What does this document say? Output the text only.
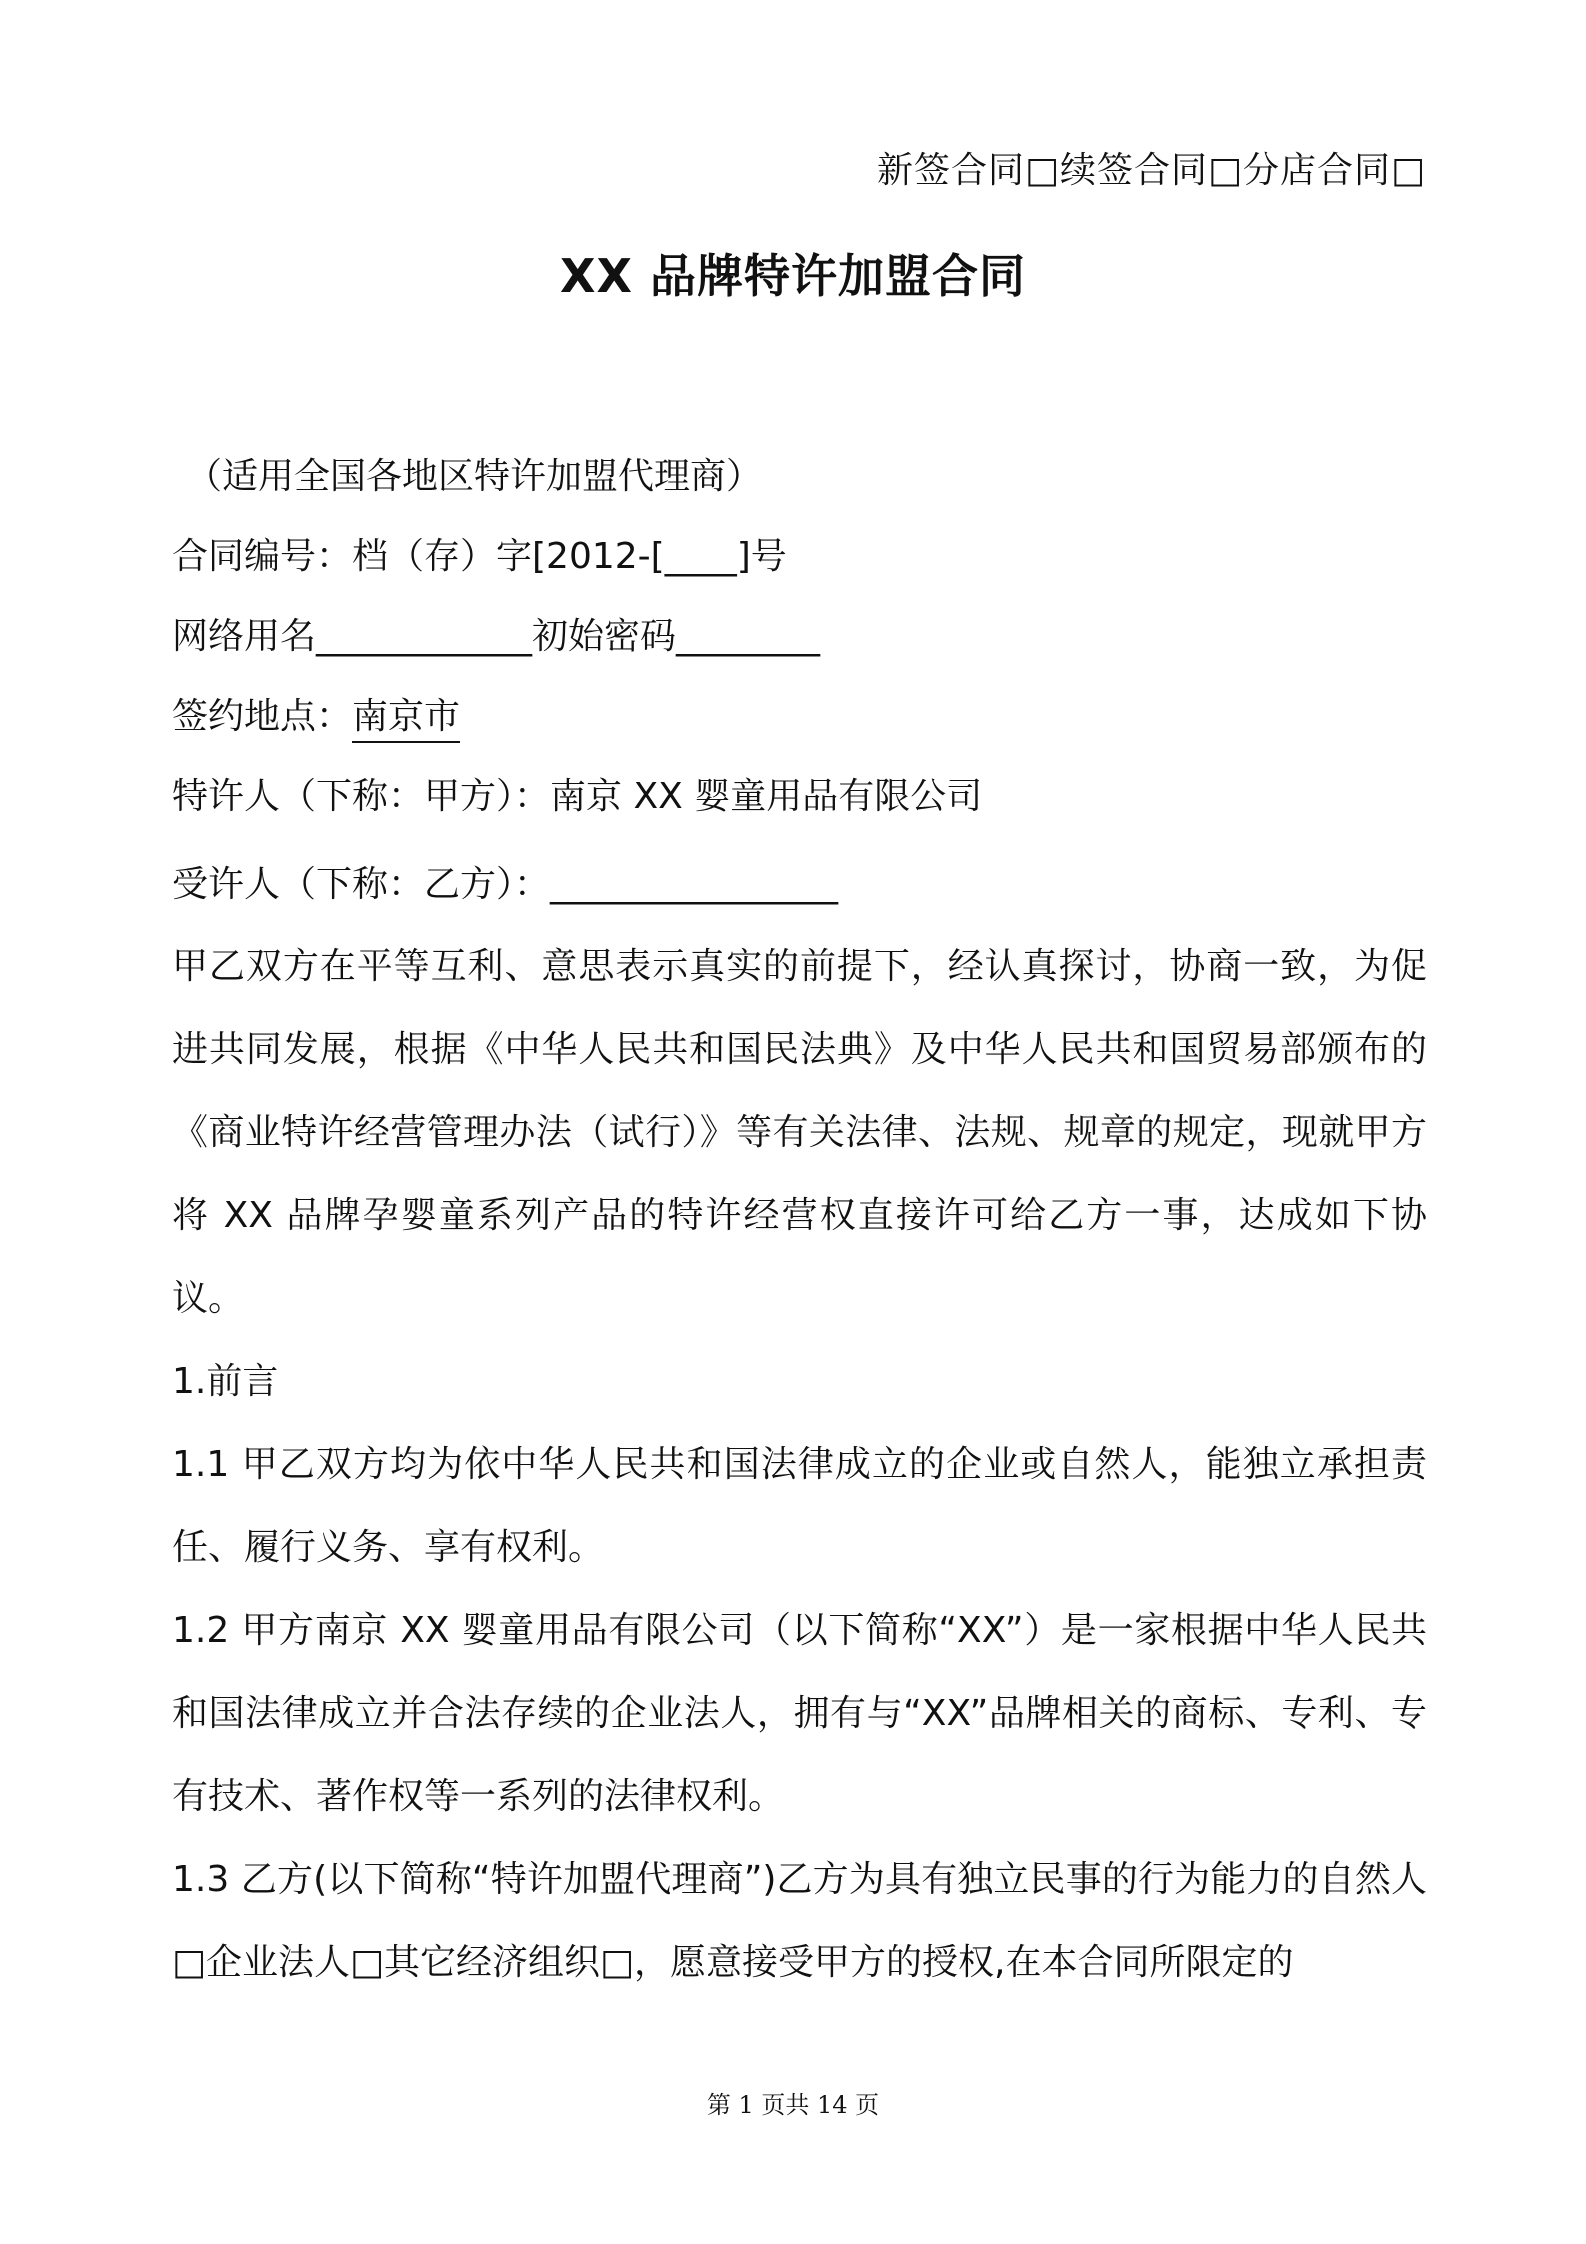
新签合同□续签合同□分店合同□
XX 品牌特许加盟合同
（适用全国各地区特许加盟代理商）
合同编号：档（存）字[2012-[____]号
网络用名____________初始密码________
签约地点：南京市
特许人（下称：甲方）：南京 XX 婴童用品有限公司
受许人（下称：乙方）：________________

甲乙双方在平等互利、意思表示真实的前提下，经认真探讨，协商一致，为促进共同发展，根据《中华人民共和国民法典》及中华人民共和国贸易部颁布的《商业特许经营管理办法（试行）》等有关法律、法规、规章的规定，现就甲方将 XX 品牌孕婴童系列产品的特许经营权直接许可给乙方一事，达成如下协议。

1.前言

1.1 甲乙双方均为依中华人民共和国法律成立的企业或自然人，能独立承担责任、履行义务、享有权利。

1.2 甲方南京 XX 婴童用品有限公司（以下简称“XX”）是一家根据中华人民共和国法律成立并合法存续的企业法人，拥有与“XX”品牌相关的商标、专利、专有技术、著作权等一系列的法律权利。

1.3 乙方(以下简称“特许加盟代理商”)乙方为具有独立民事的行为能力的自然人□企业法人□其它经济组织□，愿意接受甲方的授权,在本合同所限定的

第 1 页共 14 页
